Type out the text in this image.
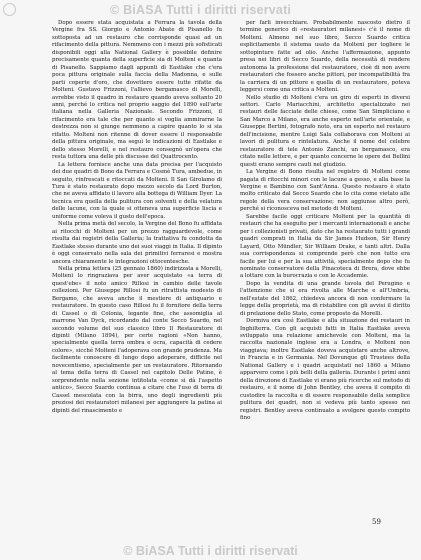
© BiASA Tutti i diritti riservati

Dopo essere stata acquistata a Ferrara la tavola della Vergine fra SS. Giorgio e Antonio Abate di Pisanello fu sottoposta ad un restauro che corrisponde quasi ad un rifacimento della pittura. Nemmeno con i mezzi più sofisticati disponibili oggi alla National Gallery è possibile definire precisamente quanta della superficie sia di Molteni e quanta di Pisanello. Sappiamo dagli appunti di Eastlake che c'era poca pittura originale sulla faccia della Madonna, e sulle parti coperte d'oro, che dovettero essere tutte rifatte da Molteni. Gustavo Frizzoni, l'allievo bergamasco di Morelli, avrebbe visto il quadro in restauro quando aveva soltanto 20 anni, perché lo critica nel proprio saggio del 1890 sull'arte italiana nella Galleria Nazionale. Secondo Frizzoni, il rifacimento era tale che per quanto si voglia ammirarne la destrezza non si giunge nemmeno a capire quanto lo si sia rifatto. Molteni non ritenne di dover essere il responsabile della pittura originale, ma seguì le indicazioni di Eastlake e dello stesso Morelli, e nel restauro consegnò un'opera che resta tuttora una delle più discusse del Quattrocento.

La lettera fornisce anche una data precisa per l'acquisto dei due quadri di Bono da Ferrara e Cosmè Tura, ambedue, in seguito, rinfrescati e ritoccati da Molteni. Il San Girolamo di Tura è stato restaurato dopo mezzo secolo da Lord Burton, che ne aveva affidato il lavoro alla bottega di William Dyer. La tecnica era quella della pulitura con solventi e della velatura delle lacune, con la quale si otteneva una superficie liscia e uniforme come voleva il gusto dell'epoca.

Nella prima metà del secolo, la Vergine del Bono fu affidata ai ritocchi di Molteni per un prezzo ragguardevole, come risulta dai registri della Galleria; la trattativa fu condotta da Eastlake stesso durante uno dei suoi viaggi in Italia. Il dipinto è oggi conservato nella sala dei primitivi ferraresi e mostra ancora chiaramente le integrazioni ottocentesche.

Nella prima lettera (25 gennaio 1860) indirizzata a Morelli, Molteni lo ringraziava per aver acquistato «a terra di quest'ebe» il noto amico Rillosi in cambio delle tavole collezioni. Per Giuseppe Rillosi fu un ritrattista modesto di Bergamo, che aveva anche il mestiere di antiquario e restauratore. In questo caso Rillosi fu il fornitore della terra di Cassel o di Colonia, legante fine, che assomiglia al marrone Van Dyck, ricordando dal conte Secco Suardo, nel secondo volume del suo classico libro Il Restauratore di dipinti (Milano 1894), per certe ragioni «Non hanno, specialmente quella terra ombra e ocra, capacità di cedere colore», sicché Molteni l'adoperava con grande prudenza. Ma facilmente conoscere di lungo dopo adoperare, difficile nel novecentismo, specialmente per un restauratore. Ritornando al tema della terra di Cassel nel capitolo Delle Patine, è sorprendente nella sezione intitolata «come si dà l'aspetto antico», Secco Suardo continua a citare che l'uso di terra di Cassel mescolata con la birra, uno degli ingredienti più preziosi dei restauratori milanesi per aggiungere la patina ai dipinti del rinascimento e

per farli invecchiare. Probabilmente nascosto dietro il termine generico di «restauratori milanesi» c'è il nome di Molteni. Almeno nel suo libro, Secco Suardo critica esplicitamente il sistema usato da Molteni per togliere le sottopinture fatte ad olio. Anche l'affermazione, appunto presa nei libri di Secco Suardo, della necessità di rendere autonoma la professione del restauratore, cioè di non avere restauratori che fossero anche pittori, per incompatibilità fra la carriera di un pittore e quella di un restauratore, poteva leggersi come una critica a Molteni.

Nello studio di Molteni c'era un giro di esperti in diversi settori. Carlo Mariacchini, architetto specializzato nei restauri delle facciate delle chiese, come San Simpliciano e San Marco a Milano, era anche esperto nell'arte orientale, e Giuseppe Bertini, fotografo noto, era un esperto nel restauro dell'incisione, mentre Luigi Sala collaborava con Molteni ai lavori di pulitura e rintelatura. Anche il nome del celebre restauratore di tele Antonio Zanchi, un bergamasco, era citato nelle lettere, e per quanto concerne le opere dei Bellini questi erano sempre cauti nel giudizio.

La Vergine di Bono risulta nel registro di Molteni come pagata di ritocchi minori con le lacune a gesso, e alla base la Vergine e Bambino con Sant'Anna. Questo restauro è stato molto criticato dal Secco Suardo che lo cita come vietato alle regole della vera conservazione; non aggiunse altro però, perché si riconosceva nel metodo di Molteni.

Sarebbe facile oggi criticare Molteni per la quantità di restauri che ha eseguito per i mercanti internazionali e anche per i collezionisti privati, dato che ha restaurato tutti i grandi quadri comprati in Italia da Sir James Hudson, Sir Henry Layard, Otto Mündler, Sir William Drake, e tanti altri. Dalla sua corrispondenza si comprende però che non tutto era facile per lui e per la sua attività, specialmente dopo che fu nominato conservatore della Pinacoteca di Brera, dove ebbe a lottare con la burocrazia e con le Accademie.

Dopo la vendita di una grande tavola del Perugino e l'attenzione che si era rivolta alle Marche e all'Umbria, nell'estate del 1862, chiedeva ancora di non confermare la legge della proprietà, ma di ristabilire con gli avvisi il diritto di prelazione dello Stato, come proposto da Morelli.

Dormiva ora così Eastlake e alla situazione dei restauri in Inghilterra. Con gli acquisti fatti in Italia Eastlake aveva sviluppato una relazione amichevole con Molteni, ma la raccolta nazionale inglese era a Londra, e Molteni non viaggiava; inoltre Eastlake doveva acquistare anche altrove, in Francia e in Germania. Nel Dovunque gli Trustees della National Gallery e i quadri acquistati nel 1860 a Milano apparvero come i più belli della galleria. Durante i primi anni della direzione di Eastlake vi erano più ricerche sul metodo di restauro, e il nome di John Bentley, che aveva il compito di custodire la raccolta e di essere responsabile della semplice pulitura dei quadri, non si vedeva più tanto spesso nei registri. Bentley aveva continuato a svolgere questo compito fino

59
© BiASA Tutti i diritti riservati
